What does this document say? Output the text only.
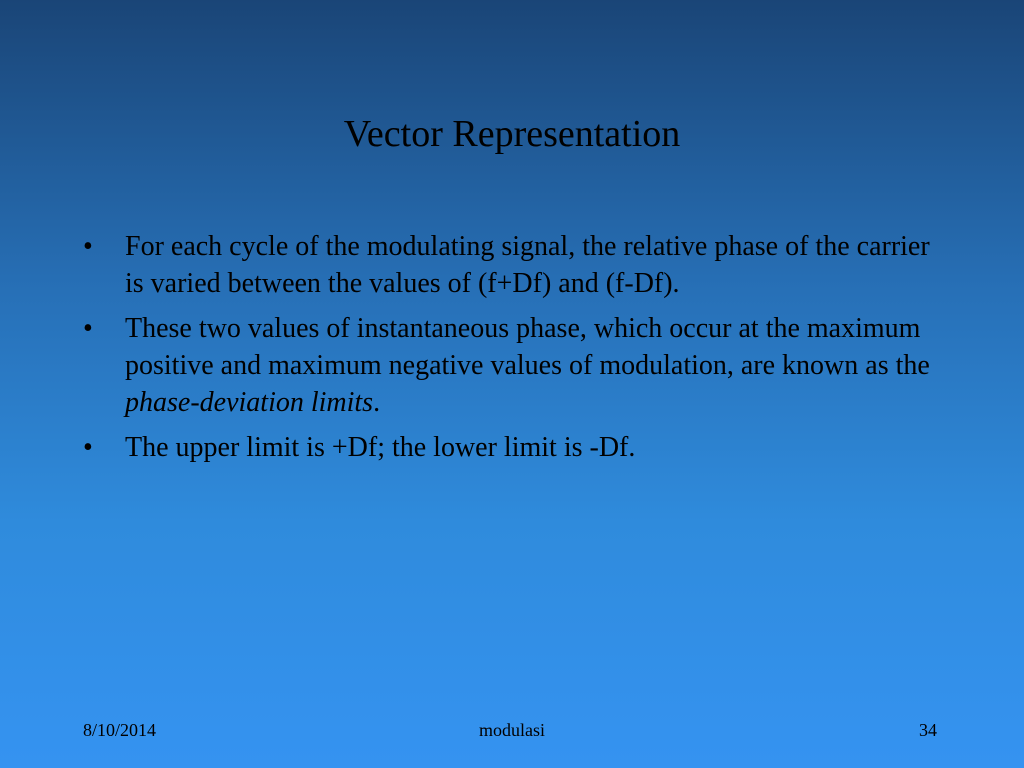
Vector Representation
•	For each cycle of the modulating signal, the relative phase of the carrier is varied between the values of (f+Df) and (f-Df).
•	These two values of instantaneous phase, which occur at the maximum positive and maximum negative values of modulation, are known as the phase-deviation limits.
•	The upper limit is +Df; the lower limit is -Df.
8/10/2014	modulasi	34
